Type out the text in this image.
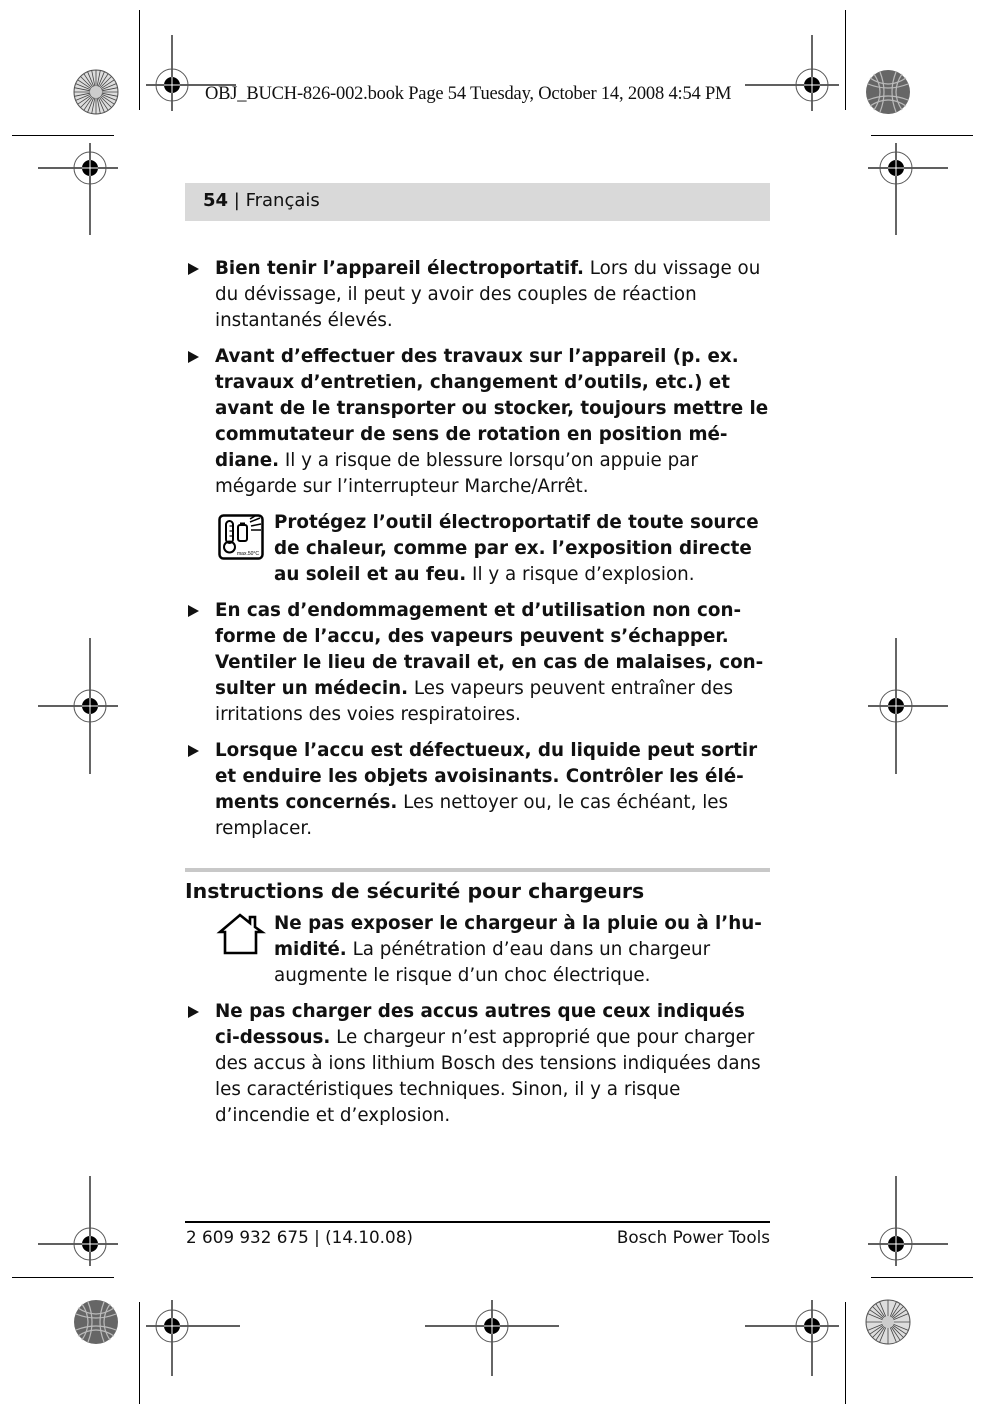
OBJ_BUCH-826-002.book Page 54 Tuesday, October 14, 2008 4:54 PM
54 | Français
Bien tenir l’appareil électroportatif. Lors du vissage ou du dévissage, il peut y avoir des couples de réaction instantanés élevés.
Avant d’effectuer des travaux sur l’appareil (p. ex. travaux d’entretien, changement d’outils, etc.) et avant de le transporter ou stocker, toujours mettre le commutateur de sens de rotation en position médiane. Il y a risque de blessure lorsqu’on appuie par mégarde sur l’interrupteur Marche/Arrêt.
max.50°C
Protégez l’outil électroportatif de toute source de chaleur, comme par ex. l’exposition directe au soleil et au feu. Il y a risque d’explosion.
En cas d’endommagement et d’utilisation non conforme de l’accu, des vapeurs peuvent s’échapper. Ventiler le lieu de travail et, en cas de malaises, consulter un médecin. Les vapeurs peuvent entraîner des irritations des voies respiratoires.
Lorsque l’accu est défectueux, du liquide peut sortir et enduire les objets avoisinants. Contrôler les éléments concernés. Les nettoyer ou, le cas échéant, les remplacer.
Instructions de sécurité pour chargeurs
Ne pas exposer le chargeur à la pluie ou à l’humidité. La pénétration d’eau dans un chargeur augmente le risque d’un choc électrique.
Ne pas charger des accus autres que ceux indiqués ci-dessous. Le chargeur n’est approprié que pour charger des accus à ions lithium Bosch des tensions indiquées dans les caractéristiques techniques. Sinon, il y a risque d’incendie et d’explosion.
2 609 932 675 | (14.10.08)	Bosch Power Tools
